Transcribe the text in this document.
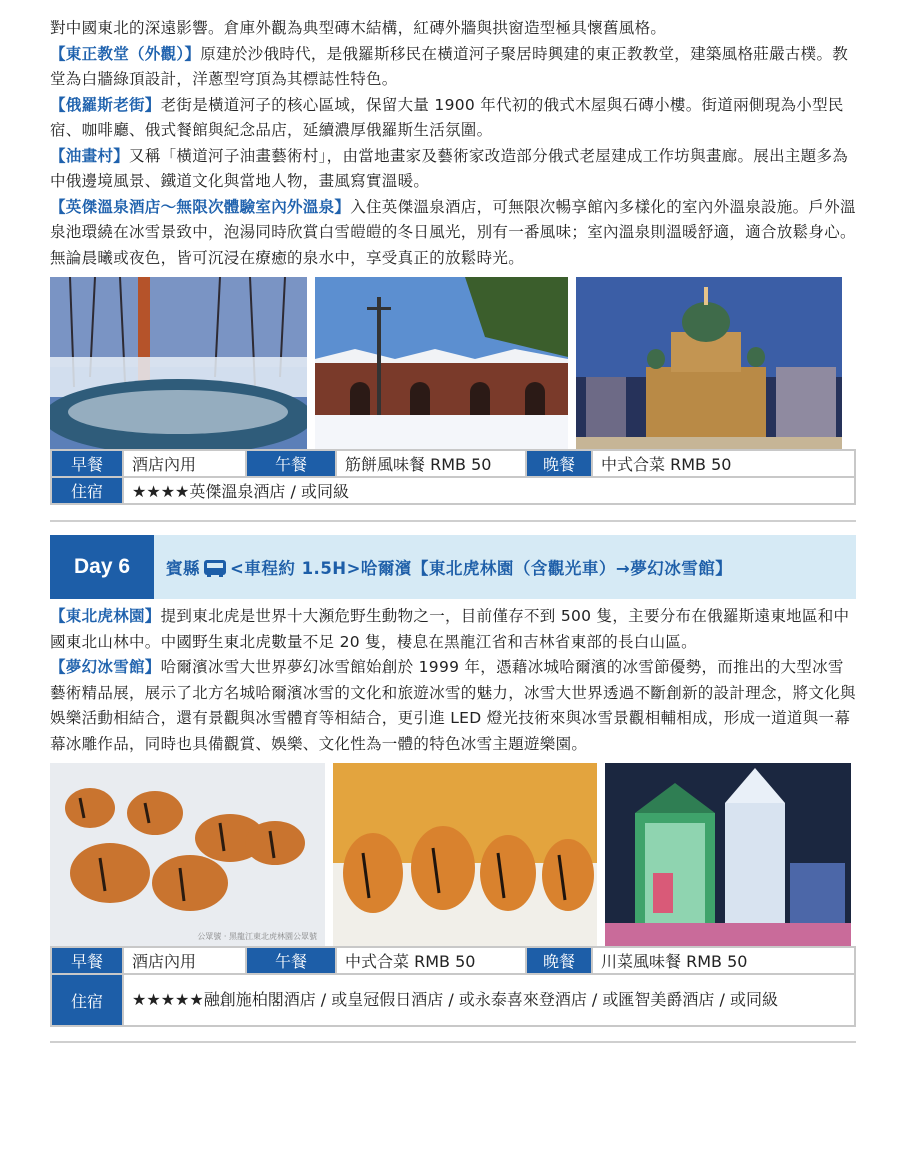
對中國東北的深遠影響。倉庫外觀為典型磚木結構，紅磚外牆與拱窗造型極具懷舊風格。
【東正教堂（外觀）】原建於沙俄時代，是俄羅斯移民在橫道河子聚居時興建的東正教教堂，建築風格莊嚴古樸。教堂為白牆綠頂設計，洋蔥型穹頂為其標誌性特色。
【俄羅斯老街】老街是橫道河子的核心區域，保留大量 1900 年代初的俄式木屋與石磚小樓。街道兩側現為小型民宿、咖啡廳、俄式餐館與紀念品店，延續濃厚俄羅斯生活氛圍。
【油畫村】又稱「橫道河子油畫藝術村」，由當地畫家及藝術家改造部分俄式老屋建成工作坊與畫廊。展出主題多為中俄邊境風景、鐵道文化與當地人物，畫風寫實溫暖。
【英傑溫泉酒店～無限次體驗室內外溫泉】入住英傑溫泉酒店，可無限次暢享館內多樣化的室內外溫泉設施。戶外溫泉池環繞在冰雪景致中，泡湯同時欣賞白雪皚皚的冬日風光，別有一番風味；室內溫泉則溫暖舒適，適合放鬆身心。無論晨曦或夜色，皆可沉浸在療癒的泉水中，享受真正的放鬆時光。

早餐	酒店內用	午餐	筋餅風味餐 RMB 50	晚餐	中式合菜 RMB 50
住宿	★★★★英傑溫泉酒店 / 或同級				
Day 6	賓縣 <車程約 1.5H>哈爾濱【東北虎林園（含觀光車）→夢幻冰雪館】

【東北虎林園】提到東北虎是世界十大瀕危野生動物之一，目前僅存不到 500 隻，主要分布在俄羅斯遠東地區和中國東北山林中。中國野生東北虎數量不足 20 隻，棲息在黑龍江省和吉林省東部的長白山區。
【夢幻冰雪館】哈爾濱冰雪大世界夢幻冰雪館始創於 1999 年，憑藉冰城哈爾濱的冰雪節優勢，而推出的大型冰雪藝術精品展，展示了北方名城哈爾濱冰雪的文化和旅遊冰雪的魅力，冰雪大世界透過不斷創新的設計理念，將文化與娛樂活動相結合，還有景觀與冰雪體育等相結合，更引進 LED 燈光技術來與冰雪景觀相輔相成，形成一道道與一幕幕冰雕作品，同時也具備觀賞、娛樂、文化性為一體的特色冰雪主題遊樂園。

公眾號 · 黑龍江東北虎林園公眾號
早餐	酒店內用	午餐	中式合菜 RMB 50	晚餐	川菜風味餐 RMB 50
住宿	★★★★★融創施柏閣酒店 / 或皇冠假日酒店 / 或永泰喜來登酒店 / 或匯智美爵酒店 / 或同級				
